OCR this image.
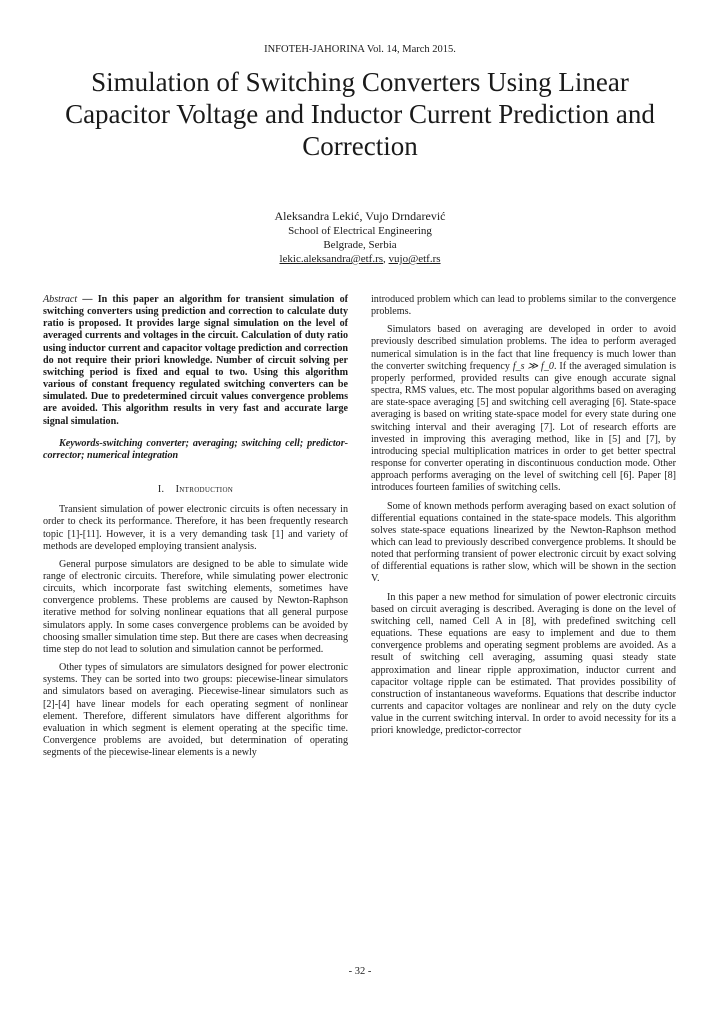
INFOTEH-JAHORINA Vol. 14, March 2015.
Simulation of Switching Converters Using Linear Capacitor Voltage and Inductor Current Prediction and Correction
Aleksandra Lekić, Vujo Drndarević
School of Electrical Engineering
Belgrade, Serbia
lekic.aleksandra@etf.rs, vujo@etf.rs

Abstract — In this paper an algorithm for transient simulation of switching converters using prediction and correction to calculate duty ratio is proposed. It provides large signal simulation on the level of averaged currents and voltages in the circuit. Calculation of duty ratio using inductor current and capacitor voltage prediction and correction do not require their priori knowledge. Number of circuit solving per switching period is fixed and equal to two. Using this algorithm various of constant frequency regulated switching converters can be simulated. Due to predetermined circuit values convergence problems are avoided. This algorithm results in very fast and accurate large signal simulation.

Keywords-switching converter; averaging; switching cell; predictor-corrector; numerical integration

I. Introduction

Transient simulation of power electronic circuits is often necessary in order to check its performance. Therefore, it has been frequently research topic [1]-[11]. However, it is a very demanding task [1] and variety of methods are developed employing transient analysis.

General purpose simulators are designed to be able to simulate wide range of electronic circuits. Therefore, while simulating power electronic circuits, which incorporate fast switching elements, sometimes have convergence problems. These problems are caused by Newton-Raphson iterative method for solving nonlinear equations that all general purpose simulators apply. In some cases convergence problems can be avoided by choosing smaller simulation time step. But there are cases when decreasing time step do not lead to solution and simulation cannot be performed.

Other types of simulators are simulators designed for power electronic systems. They can be sorted into two groups: piecewise-linear simulators and simulators based on averaging. Piecewise-linear simulators such as [2]-[4] have linear models for each operating segment of nonlinear element. Therefore, different simulators have different algorithms for evaluation in which segment is element operating at the specific time. Convergence problems are avoided, but determination of operating segments of the piecewise-linear elements is a newly

introduced problem which can lead to problems similar to the convergence problems.

Simulators based on averaging are developed in order to avoid previously described simulation problems. The idea to perform averaged numerical simulation is in the fact that line frequency is much lower than the converter switching frequency f_s ≫ f_0. If the averaged simulation is properly performed, provided results can give enough accurate signal spectra, RMS values, etc. The most popular algorithms based on averaging are state-space averaging [5] and switching cell averaging [6]. State-space averaging is based on writing state-space model for every state during one switching interval and their averaging [7]. Lot of research efforts are invested in improving this averaging method, like in [5] and [7], by introducing special multiplication matrices in order to get better spectral response for converter operating in discontinuous conduction mode. Other approach performs averaging on the level of switching cell [6]. Paper [8] introduces fourteen families of switching cells.

Some of known methods perform averaging based on exact solution of differential equations contained in the state-space models. This algorithm solves state-space equations linearized by the Newton-Raphson method which can lead to previously described convergence problems. It should be noted that performing transient of power electronic circuit by exact solving of differential equations is rather slow, which will be shown in the section V.

In this paper a new method for simulation of power electronic circuits based on circuit averaging is described. Averaging is done on the level of switching cell, named Cell A in [8], with predefined switching cell equations. These equations are easy to implement and due to them convergence problems and operating segment problems are avoided. As a result of switching cell averaging, assuming quasi steady state approximation and linear ripple approximation, inductor current and capacitor voltage ripple can be estimated. That provides possibility of construction of instantaneous waveforms. Equations that describe inductor currents and capacitor voltages are nonlinear and rely on the duty cycle value in the current switching interval. In order to avoid necessity for its a priori knowledge, predictor-corrector

- 32 -
